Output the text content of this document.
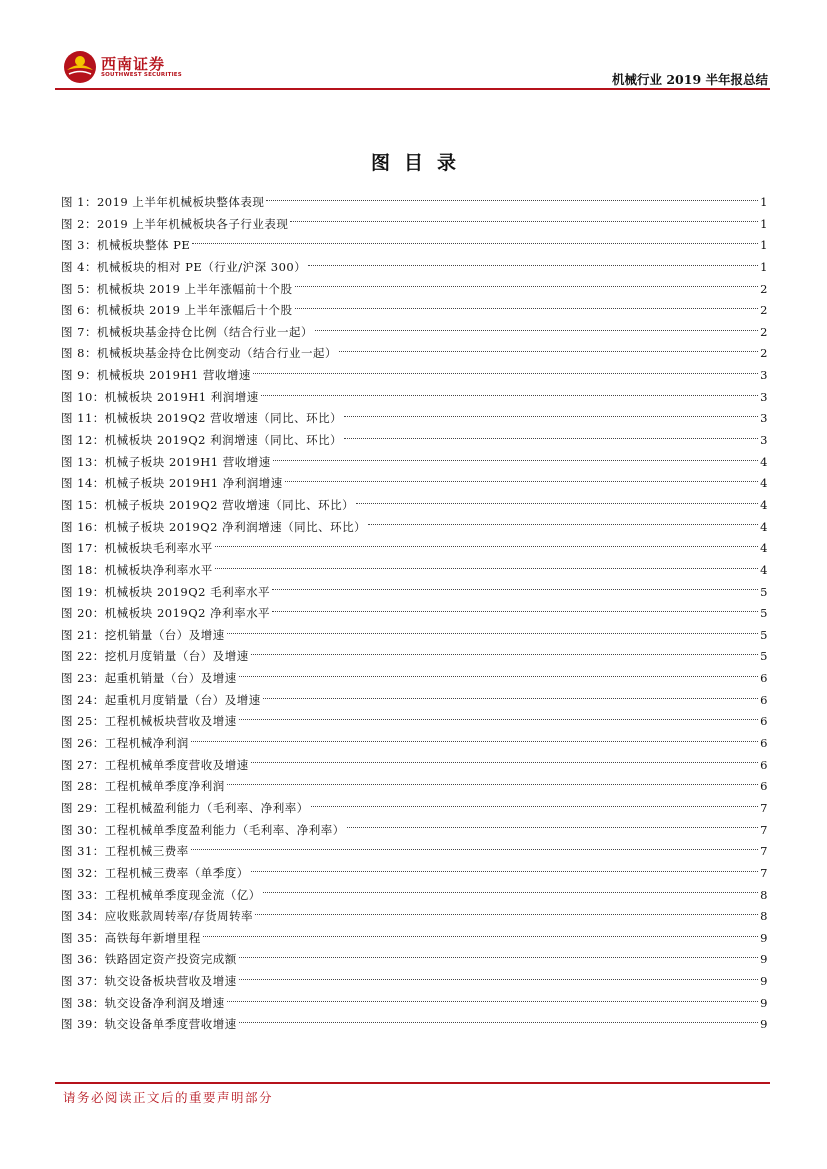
西南证券
SOUTHWEST SECURITIES	机械行业 2019 半年报总结
图目录
图 1：2019 上半年机械板块整体表现	1
图 2：2019 上半年机械板块各子行业表现	1
图 3：机械板块整体 PE	1
图 4：机械板块的相对 PE（行业/沪深 300）	1
图 5：机械板块 2019 上半年涨幅前十个股	2
图 6：机械板块 2019 上半年涨幅后十个股	2
图 7：机械板块基金持仓比例（结合行业一起）	2
图 8：机械板块基金持仓比例变动（结合行业一起）	2
图 9：机械板块 2019H1 营收增速	3
图 10：机械板块 2019H1 利润增速	3
图 11：机械板块 2019Q2 营收增速（同比、环比）	3
图 12：机械板块 2019Q2 利润增速（同比、环比）	3
图 13：机械子板块 2019H1 营收增速	4
图 14：机械子板块 2019H1 净利润增速	4
图 15：机械子板块 2019Q2 营收增速（同比、环比）	4
图 16：机械子板块 2019Q2 净利润增速（同比、环比）	4
图 17：机械板块毛利率水平	4
图 18：机械板块净利率水平	4
图 19：机械板块 2019Q2 毛利率水平	5
图 20：机械板块 2019Q2 净利率水平	5
图 21：挖机销量（台）及增速	5
图 22：挖机月度销量（台）及增速	5
图 23：起重机销量（台）及增速	6
图 24：起重机月度销量（台）及增速	6
图 25：工程机械板块营收及增速	6
图 26：工程机械净利润	6
图 27：工程机械单季度营收及增速	6
图 28：工程机械单季度净利润	6
图 29：工程机械盈利能力（毛利率、净利率）	7
图 30：工程机械单季度盈利能力（毛利率、净利率）	7
图 31：工程机械三费率	7
图 32：工程机械三费率（单季度）	7
图 33：工程机械单季度现金流（亿）	8
图 34：应收账款周转率/存货周转率	8
图 35：高铁每年新增里程	9
图 36：铁路固定资产投资完成额	9
图 37：轨交设备板块营收及增速	9
图 38：轨交设备净利润及增速	9
图 39：轨交设备单季度营收增速	9
请务必阅读正文后的重要声明部分
